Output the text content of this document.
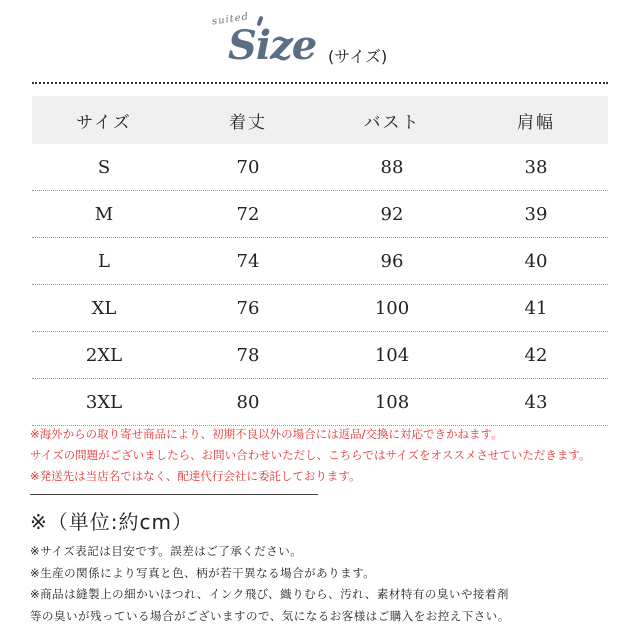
suited
Size (サイズ)
サイズ	着丈	バスト	肩幅
S	70	88	38
M	72	92	39
L	74	96	40
XL	76	100	41
2XL	78	104	42
3XL	80	108	43
※海外からの取り寄せ商品により、初期不良以外の場合には返品/交換に対応できかねます。
サイズの問題がございましたら、お問い合わせいただし、こちらではサイズをオススメさせていただきます。
※発送先は当店名ではなく、配達代行会社に委託しております。
※（単位:約cm）
※サイズ表記は目安です。誤差はご了承ください。
※生産の関係により写真と色、柄が若干異なる場合があります。
※商品は縫製上の細かいほつれ、インク飛び、織りむら、汚れ、素材特有の臭いや接着剤
等の臭いが残っている場合がございますので、気になるお客様はご購入をお控え下さい。
